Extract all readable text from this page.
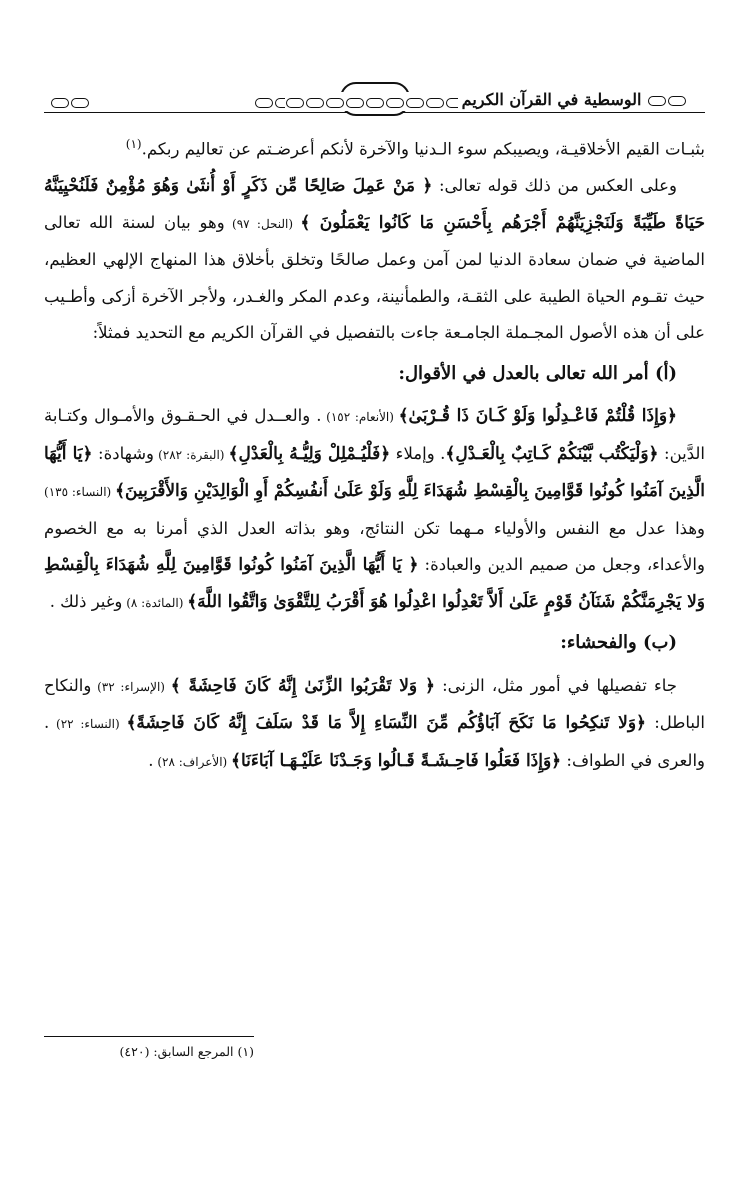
الوسطية في القرآن الكريم

بثبـات القيم الأخلاقيـة، ويصيبكم سوء الـدنيا والآخرة لأنكم أعرضـتم عن تعاليم ربكم.$^{(١)}$

وعلى العكس من ذلك قوله تعالى: ﴿ مَنْ عَمِلَ صَالِحًا مِّن ذَكَرٍ أَوْ أُنثَىٰ وَهُوَ مُؤْمِنٌ فَلَنُحْيِيَنَّهُ حَيَاةً طَيِّبَةً وَلَنَجْزِيَنَّهُمْ أَجْرَهُم بِأَحْسَنِ مَا كَانُوا يَعْمَلُونَ ﴾ (النحل: ٩٧) وهو بيان لسنة الله تعالى الماضية في ضمان سعادة الدنيا لمن آمن وعمل صالحًا وتخلق بأخلاق هذا المنهاج الإلهي العظيم، حيث تقـوم الحياة الطيبة على الثقـة، والطمأنينة، وعدم المكر والغـدر، ولأجر الآخرة أزكى وأطـيب على أن هذه الأصول المجـملة الجامـعة جاءت بالتفصيل في القرآن الكريم مع التحديد فمثلاً:

(أ) أمر الله تعالى بالعدل في الأقوال:

﴿وَإِذَا قُلْتُمْ فَاعْـدِلُوا وَلَوْ كَـانَ ذَا قُـرْبَىٰ﴾ (الأنعام: ١٥٢) . والعــدل في الحـقـوق والأمـوال وكتـابة الدَّين: ﴿وَلْيَكْتُب بَّيْنَكُمْ كَـاتِبٌ بِالْعَـدْلِ﴾. وإملاء ﴿فَلْيُـمْلِلْ وَلِيُّـهُ بِالْعَدْلِ﴾ (البقرة: ٢٨٢) وشهادة: ﴿يَا أَيُّهَا الَّذِينَ آمَنُوا كُونُوا قَوَّامِينَ بِالْقِسْطِ شُهَدَاءَ لِلَّهِ وَلَوْ عَلَىٰ أَنفُسِكُمْ أَوِ الْوَالِدَيْنِ وَالأَقْرَبِينَ﴾ (النساء: ١٣٥) وهذا عدل مع النفس والأولياء مـهما تكن النتائج، وهو بذاته العدل الذي أمرنا به مع الخصوم والأعداء، وجعل من صميم الدين والعبادة: ﴿ يَا أَيُّهَا الَّذِينَ آمَنُوا كُونُوا قَوَّامِينَ لِلَّهِ شُهَدَاءَ بِالْقِسْطِ وَلا يَجْرِمَنَّكُمْ شَنَآنُ قَوْمٍ عَلَىٰ أَلاَّ تَعْدِلُوا اعْدِلُوا هُوَ أَقْرَبُ لِلتَّقْوَىٰ وَاتَّقُوا اللَّهَ﴾ (المائدة: ٨) وغير ذلك .

(ب) والفحشاء:

جاء تفصيلها في أمور مثل، الزنى: ﴿ وَلا تَقْرَبُوا الزِّنَىٰ إِنَّهُ كَانَ فَاحِشَةً ﴾ (الإسراء: ٣٢) والنكاح الباطل: ﴿وَلا تَنكِحُوا مَا نَكَحَ آبَاؤُكُم مِّنَ النِّسَاءِ إِلاَّ مَا قَدْ سَلَفَ إِنَّهُ كَانَ فَاحِشَةً﴾ (النساء: ٢٢) . والعرى في الطواف: ﴿وَإِذَا فَعَلُوا فَاحِـشَـةً قَـالُوا وَجَـدْنَا عَلَيْـهَـا آبَاءَنَا﴾ (الأعراف: ٢٨) .

(١) المرجع السابق: (٤٢٠)
